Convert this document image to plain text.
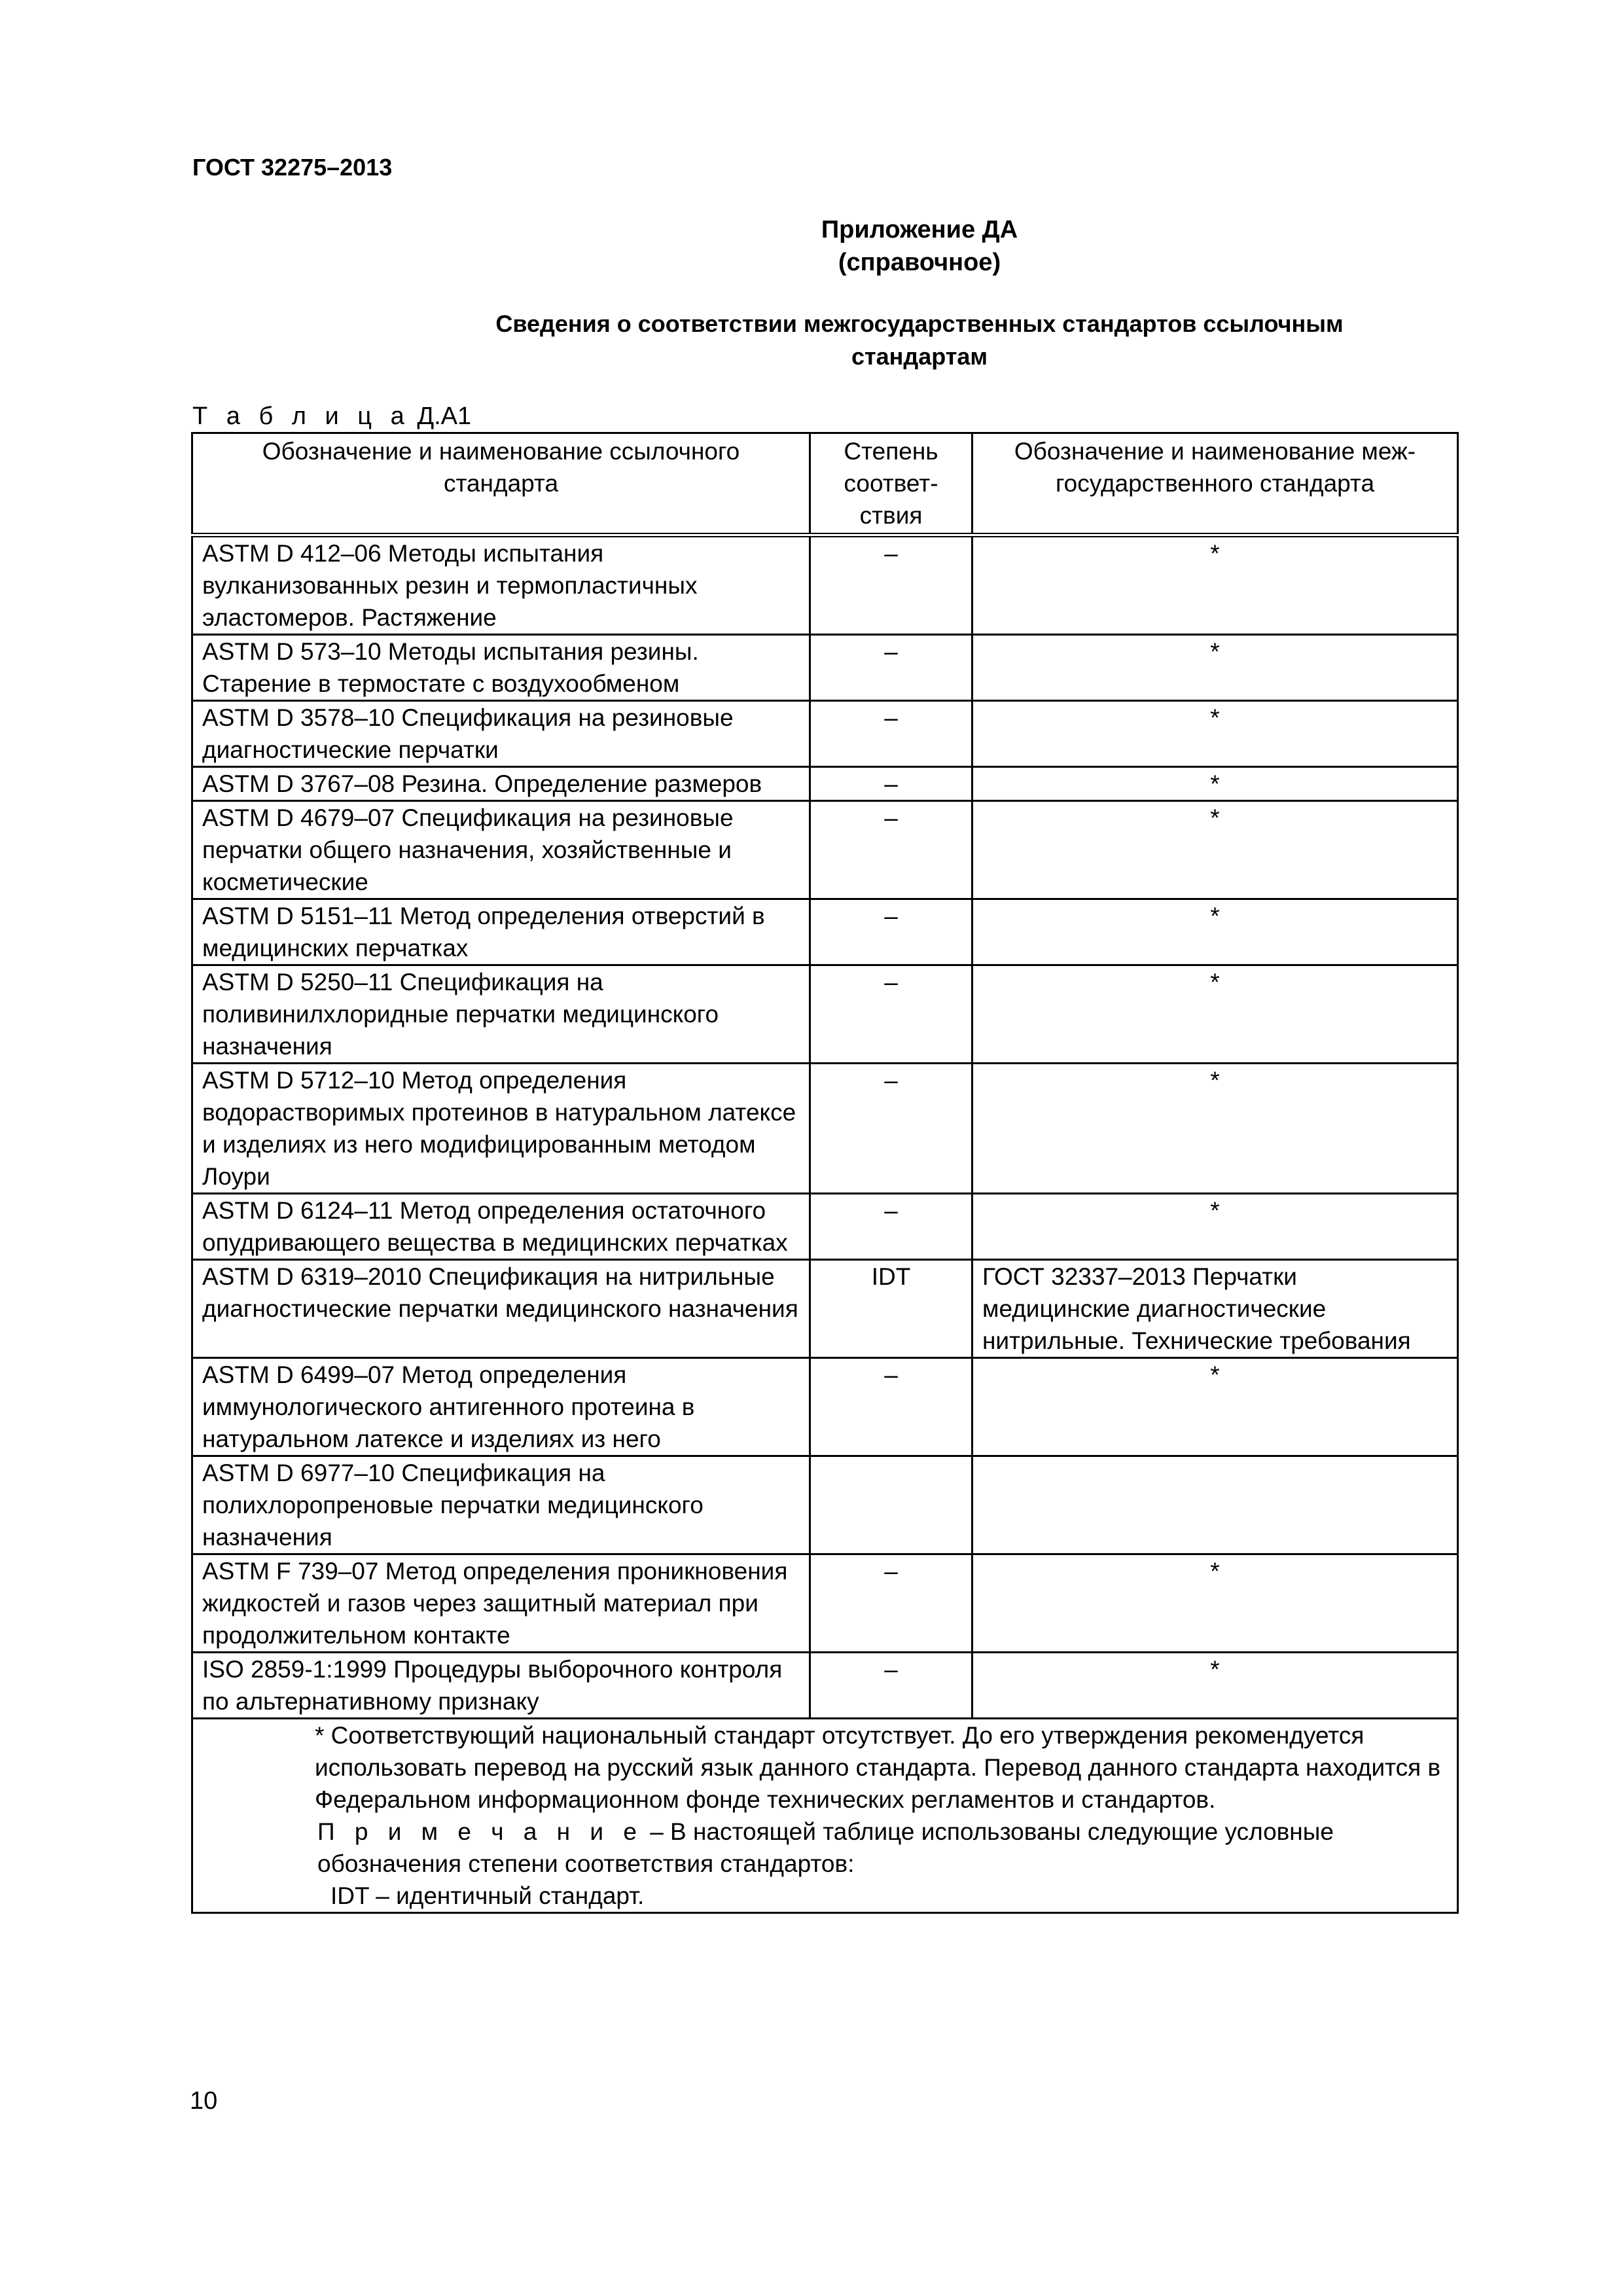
ГОСТ 32275–2013
Приложение ДА
(справочное)
Сведения о соответствии межгосударственных стандартов ссылочным
стандартам
Т а б л и ц а Д.А1
Обозначение и наименование ссылочного стандарта	Степень соответ-ствия	Обозначение и наименование меж-государственного стандарта
ASTM D 412–06 Методы испытания вулканизованных резин и термопластичных эластомеров. Растяжение	–	*
ASTM D 573–10 Методы испытания резины. Старение в термостате с воздухообменом	–	*
ASTM D 3578–10 Спецификация на резиновые диагностические перчатки	–	*
ASTM D 3767–08 Резина. Определение размеров	–	*
ASTM D 4679–07 Спецификация на резиновые перчатки общего назначения, хозяйственные и косметические	–	*
ASTM D 5151–11 Метод определения отверстий в медицинских перчатках	–	*
ASTM D 5250–11 Спецификация на поливинилхлоридные перчатки медицинского назначения	–	*
ASTM D 5712–10 Метод определения водорастворимых протеинов в натуральном латексе и изделиях из него модифицированным методом Лоури	–	*
ASTM D 6124–11 Метод определения остаточного опудривающего вещества в медицинских перчатках	–	*
ASTM D 6319–2010 Спецификация на нитрильные диагностические перчатки медицинского назначения	IDT	ГОСТ 32337–2013 Перчатки медицинские диагностические нитрильные. Технические требования
ASTM D 6499–07 Метод определения иммунологического антигенного протеина в натуральном латексе и изделиях из него	–	*
ASTM D 6977–10 Спецификация на полихлоропреновые перчатки медицинского назначения		
ASTM F 739–07 Метод определения проникновения жидкостей и газов через защитный материал при продолжительном контакте	–	*
ISO 2859-1:1999 Процедуры выборочного контроля по альтернативному признаку	–	*

* Соответствующий национальный стандарт отсутствует. До его утверждения рекомендуется использовать перевод на русский язык данного стандарта. Перевод данного стандарта находится в Федеральном информационном фонде технических регламентов и стандартов.
П р и м е ч а н и е – В настоящей таблице использованы следующие условные обозначения степени соответствия стандартов:
IDT – идентичный стандарт.		
10
